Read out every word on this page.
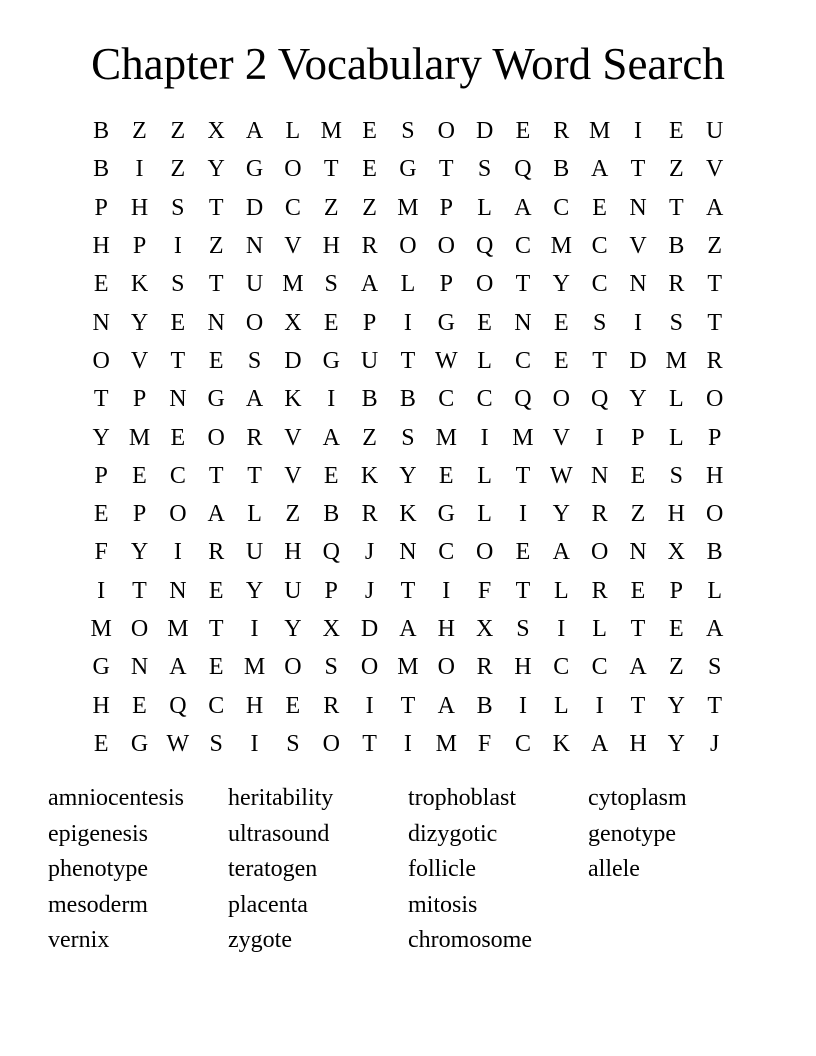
Chapter 2 Vocabulary Word Search
B Z Z X A L M E	S O D E R M I	E U
B	I	Z Y G O T E G T	S Q B A T Z V
P H S	T D C Z Z M P	L A C E N T A
H P	I	Z N V H R O O Q C M C V B Z
E K S	T U M S A L	P O T Y C N R T
N Y E N O X E	P	I	G E N E	S	I	S	T
O V T E	S D G U T W L C E T D M R
T	P N G A K	I	B B C C Q O Q Y L O
Y M E O R V A Z	S M I M V	I	P	L	P
P	E C T T V E K Y E L T W N E	S H
E	P O A L Z B R K G L	I	Y R Z H O
F Y	I	R U H Q	J	N C O E A O N X B
I	T N E Y U P	J	T	I	F	T L R E	P	L
M O M T	I	Y X D A H X S	I	L T E A
G N A E M O S O M O R H C C A Z	S
H E Q C H E R	I	T A B	I	L	I	T Y T
E G W S	I	S O T	I M F C K A H Y	J
amniocentesis
epigenesis
phenotype
mesoderm
vernix
heritability
ultrasound
teratogen
placenta
zygote
trophoblast
dizygotic
follicle
mitosis
chromosome
cytoplasm
genotype
allele
